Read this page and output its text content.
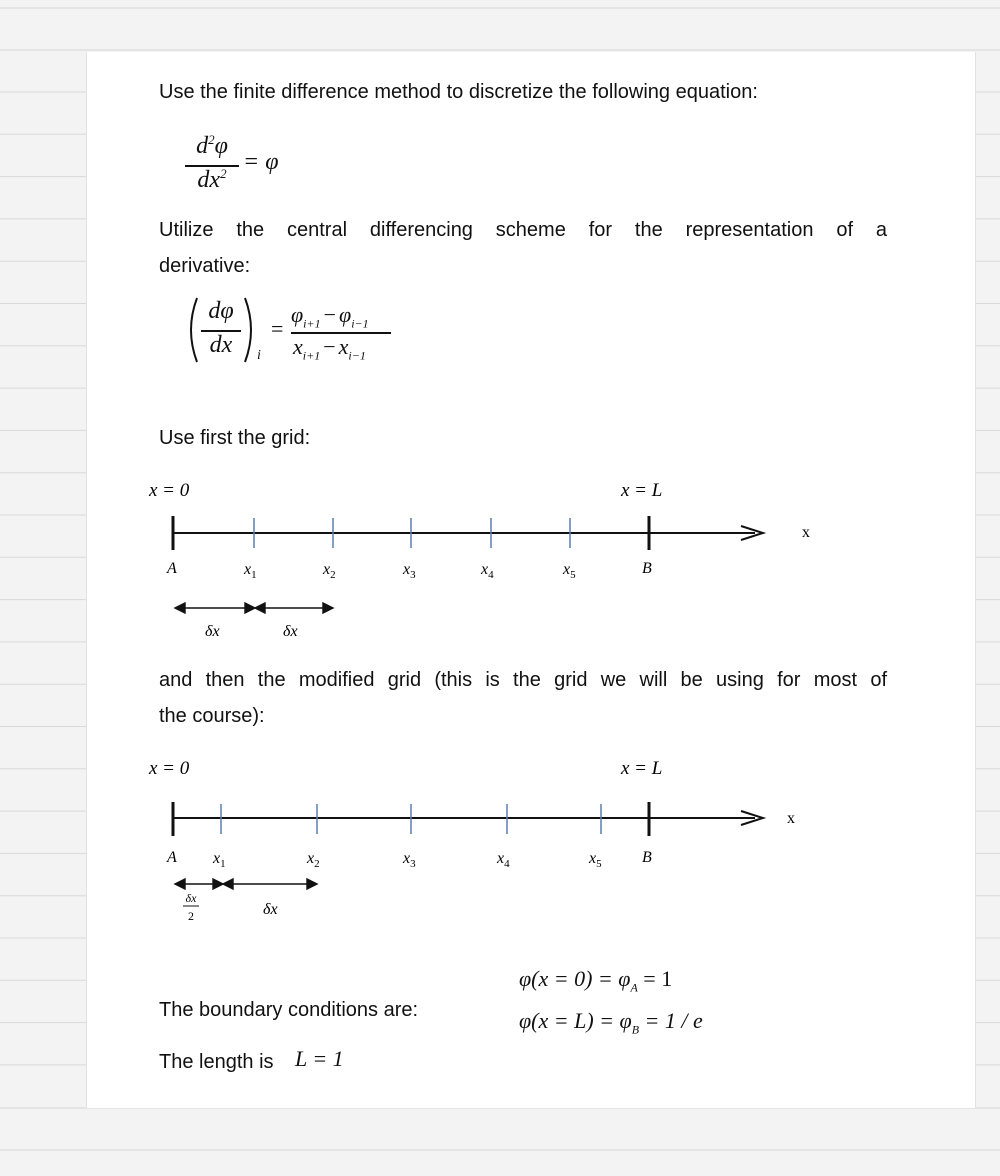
Use the finite difference method to discretize the following equation:
$d^2\varphi$
$dx^2 = \varphi$
Utilize the central differencing scheme for the representation of a
derivative:
dφ
dx	i
=
$\varphi_{i+1} - \varphi_{i-1}$
$x_{i+1} - x_{i-1}$
Use first the grid:
x = 0	x = L
x
A	B
$x_1$	$x_2$	$x_3$	$x_4$	$x_5$
δx	δx
and then the modified grid (this is the grid we will be using for most of
the course):
x = 0	x = L
x
A	B
$x_1$	$x_2$	$x_3$	$x_4$	$x_5$
δx
2	δx
The boundary conditions are:
$\varphi(x = 0) = \varphi_A = 1$
$\varphi(x = L) = \varphi_B = 1 / e$
The length is L = 1
